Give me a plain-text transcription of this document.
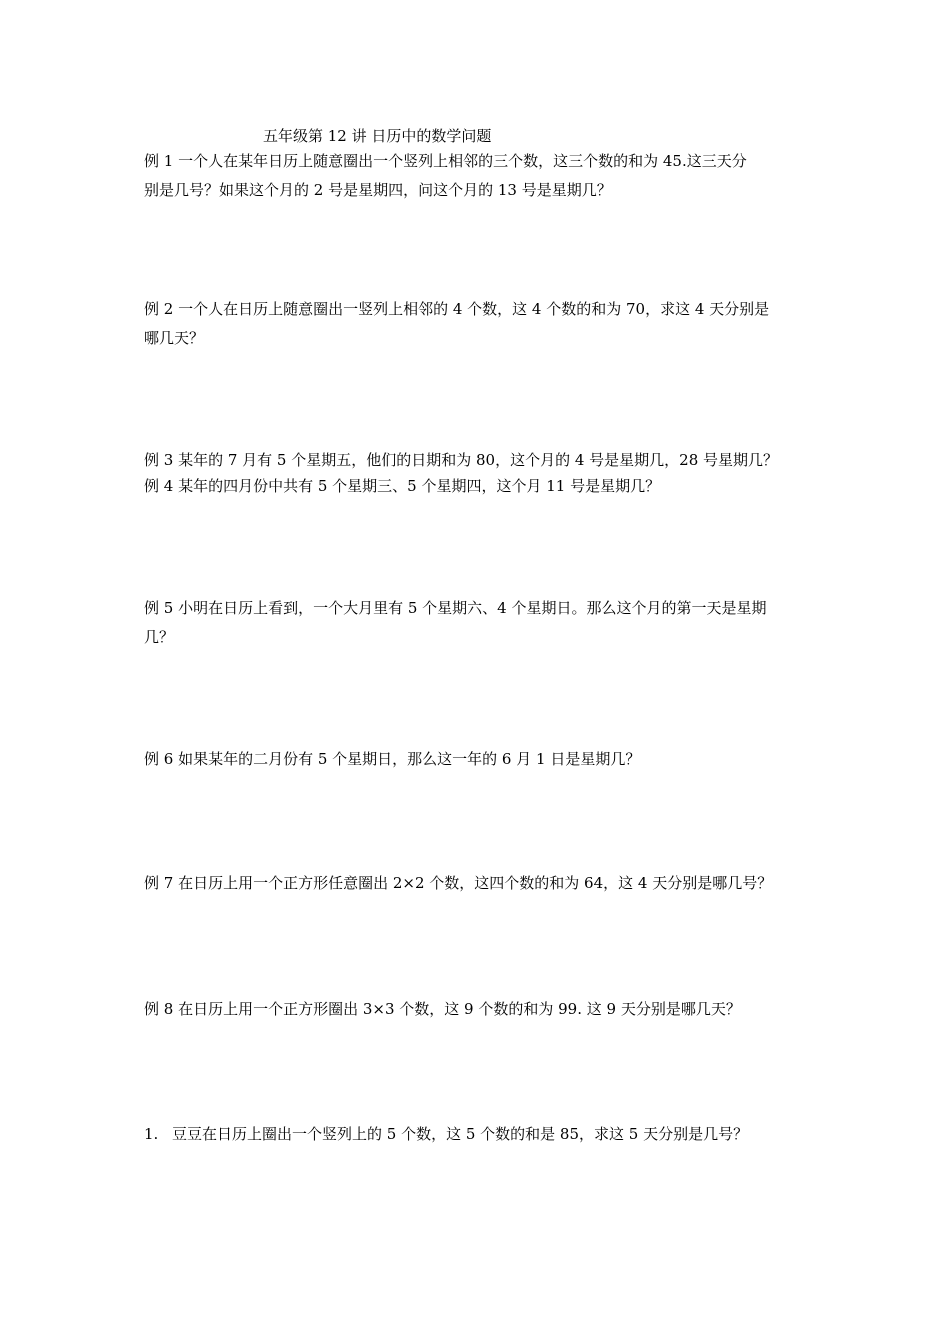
五年级第 12 讲 日历中的数学问题

例 1 一个人在某年日历上随意圈出一个竖列上相邻的三个数，这三个数的和为 45.这三天分
别是几号？如果这个月的 2 号是星期四，问这个月的 13 号是星期几？

例 2 一个人在日历上随意圈出一竖列上相邻的 4 个数，这 4 个数的和为 70，求这 4 天分别是
哪几天？

例 3 某年的 7 月有 5 个星期五，他们的日期和为 80，这个月的 4 号是星期几，28 号星期几？

例 4 某年的四月份中共有 5 个星期三、5 个星期四，这个月 11 号是星期几？

例 5 小明在日历上看到，一个大月里有 5 个星期六、4 个星期日。那么这个月的第一天是星期
几？

例 6 如果某年的二月份有 5 个星期日，那么这一年的 6 月 1 日是星期几？

例 7 在日历上用一个正方形任意圈出 2×2 个数，这四个数的和为 64，这 4 天分别是哪几号？

例 8 在日历上用一个正方形圈出 3×3 个数，这 9 个数的和为 99. 这 9 天分别是哪几天？

1. 豆豆在日历上圈出一个竖列上的 5 个数，这 5 个数的和是 85，求这 5 天分别是几号？
